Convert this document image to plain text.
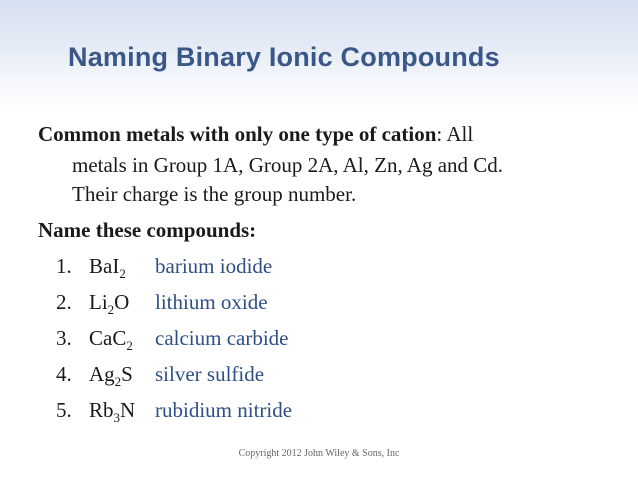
Naming Binary Ionic Compounds
Common metals with only one type of cation: All
metals in Group 1A, Group 2A, Al, Zn, Ag and Cd.
Their charge is the group number.
Name these compounds:
1. BaI$_2$ barium iodide
2. $Li_2O$ lithium oxide
3. CaC$_2$ calcium carbide
4. $Ag_2S$ silver sulfide
5. $Rb_3N$ rubidium nitride
Copyright 2012 John Wiley & Sons, Inc
